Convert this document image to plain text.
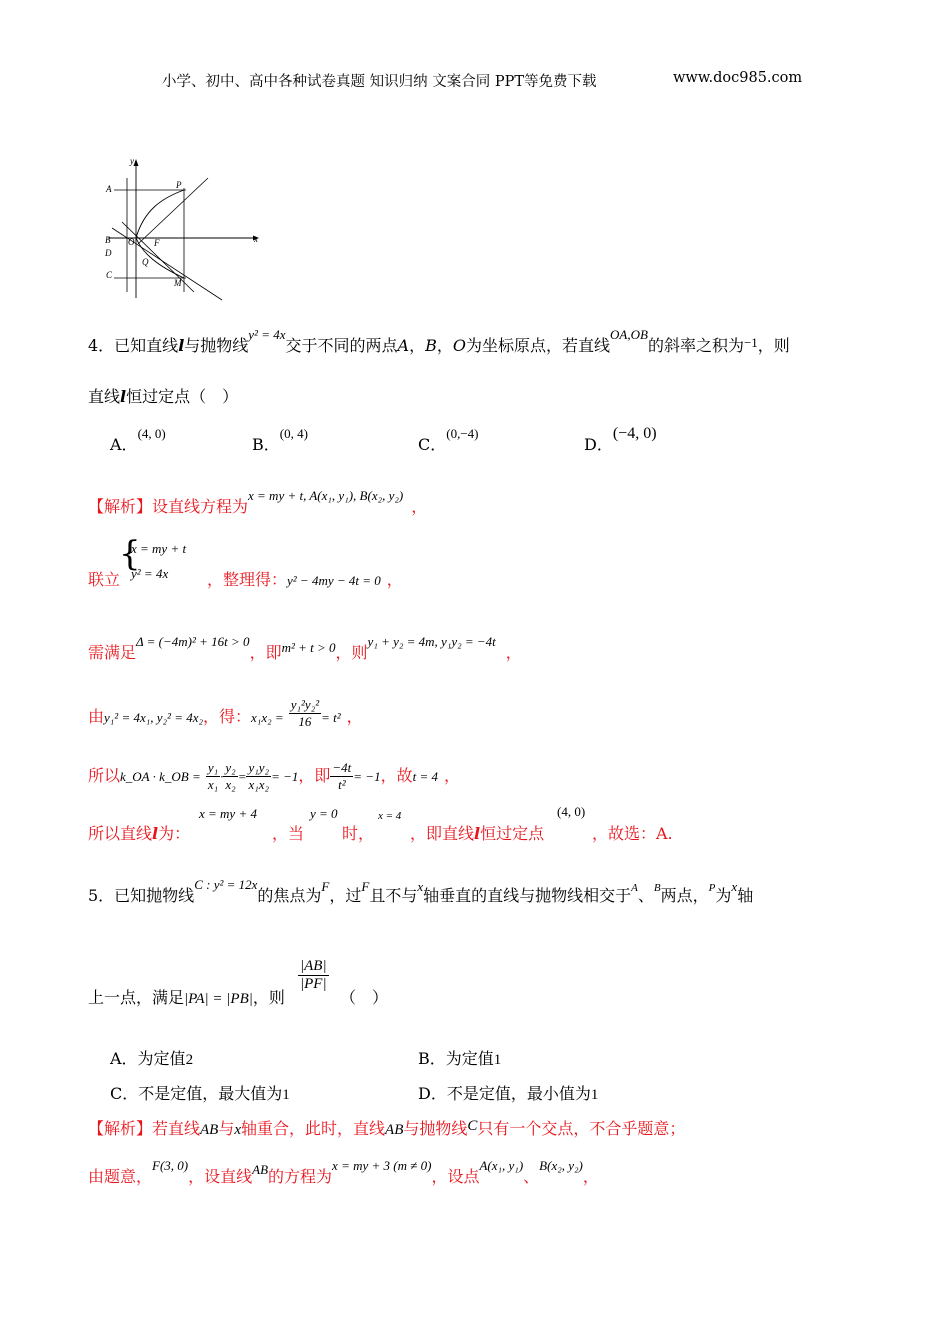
小学、初中、高中各种试卷真题 知识归纳 文案合同 PPT等免费下载	www.doc985.com
y
x
A	P
B O F
D
Q
C
M
4．已知直线l与抛物线$^{y^2 = 4x}$交于不同的两点A，B，O为坐标原点，若直线$^{OA,OB}$的斜率之积为$^{-1}$，则
直线l恒过定点（　）
A．$^{(4, 0)}$
B．$^{(0, 4)}$
C．$^{(0,-4)}$
D．(−4, 0)
【解析】设直线方程为$^{x = my + t, A(x_1, y_1), B(x_2, y_2)}$，
联立
{
x = my + t
y² = 4x ，整理得：y² − 4my − 4t = 0 ，
需满足$^{\Delta = (-4m)^2 + 16t > 0}$，即$^{m^2 + t > 0}$，则$^{y_1 + y_2 = 4m, y_1y_2 = -4t}$，
由y₁² = 4x₁, y₂² = 4x₂，得：$x_1x_2 = \frac{\text{y₁²y₂²}}{16} = t^2$ ，
所以k_OA · k_OB = $\frac{\text{y₁}}{\text{x₁}} \cdot \frac{\text{y₂}}{\text{x₂}} = \frac{\text{y₁y₂}}{\text{x₁x₂}} = -1$，即 $\frac{-4t}{\text{t²}} = -1$，故t = 4 ，
所以直线l为：
x = my + 4
，当
y = 0
时，
x = 4
，即直线l恒过定点
(4, 0)
，故选：A.
5．已知抛物线$^{C : y^2 = 12x}$的焦点为$^F$，过$^F$且不与$^x$轴垂直的直线与抛物线相交于$^A$、$^B$两点，$^P$为$^x$轴
上一点，满足|PA| = |PB|，则
$\frac{|AB|}{|PF|}$
（　）
A．为定值2	B．为定值1
C．不是定值，最大值为1	D．不是定值，最小值为1
【解析】若直线AB与x轴重合，此时，直线AB与抛物线C只有一个交点，不合乎题意；
由题意，$^{F(3, 0)}$，设直线$^{AB}$的方程为$^{x = my + 3 (m \ne 0)}$，设点$^{A(x_1, y_1)}$、$^{B(x_2, y_2)}$，
